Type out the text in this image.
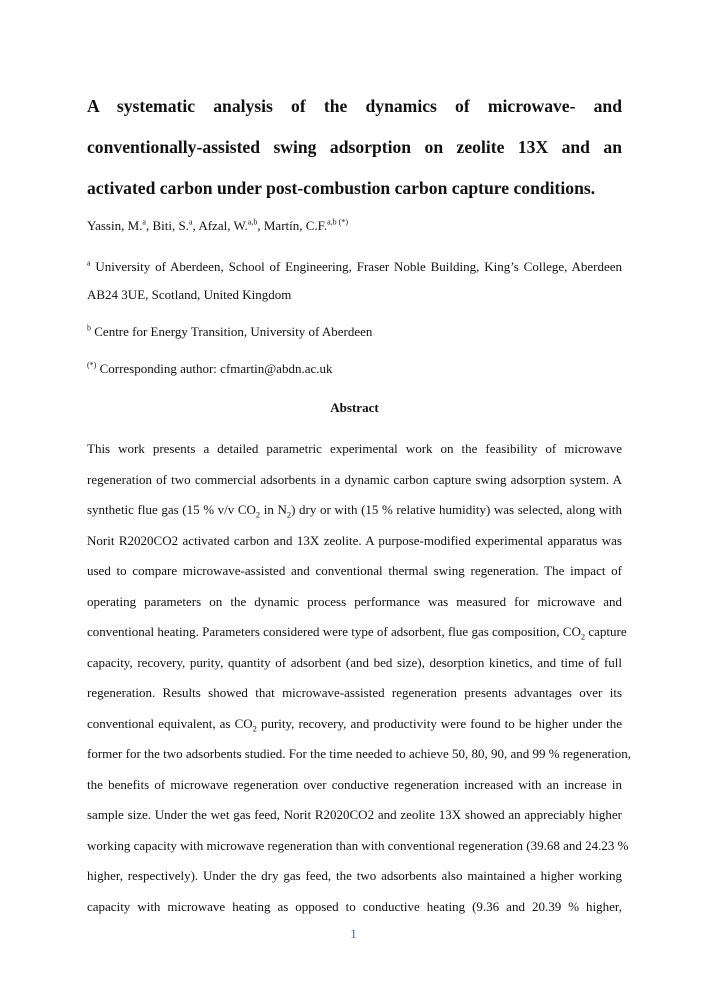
A systematic analysis of the dynamics of microwave- and conventionally-assisted swing adsorption on zeolite 13X and an activated carbon under post-combustion carbon capture conditions.
Yassin, M.$^a$, Biti, S.$^a$, Afzal, W.$^{a,b}$, Martín, C.F.$^{a,b (*)}$

$^a$ University of Aberdeen, School of Engineering, Fraser Noble Building, King’s College, Aberdeen AB24 3UE, Scotland, United Kingdom

$^b$ Centre for Energy Transition, University of Aberdeen
(*) Corresponding author: cfmartin@abdn.ac.uk
Abstract
This work presents a detailed parametric experimental work on the feasibility of microwave
regeneration of two commercial adsorbents in a dynamic carbon capture swing adsorption system. A
synthetic flue gas (15 % v/v $CO_2$ in $N_2$) dry or with (15 % relative humidity) was selected, along with
Norit R2020CO2 activated carbon and 13X zeolite. A purpose-modified experimental apparatus was
used to compare microwave-assisted and conventional thermal swing regeneration. The impact of
operating parameters on the dynamic process performance was measured for microwave and
conventional heating. Parameters considered were type of adsorbent, flue gas composition, $CO_2$ capture
capacity, recovery, purity, quantity of adsorbent (and bed size), desorption kinetics, and time of full
regeneration. Results showed that microwave-assisted regeneration presents advantages over its
conventional equivalent, as $CO_2$ purity, recovery, and productivity were found to be higher under the
former for the two adsorbents studied. For the time needed to achieve 50, 80, 90, and 99 % regeneration,
the benefits of microwave regeneration over conductive regeneration increased with an increase in
sample size. Under the wet gas feed, Norit R2020CO2 and zeolite 13X showed an appreciably higher
working capacity with microwave regeneration than with conventional regeneration (39.68 and 24.23 %
higher, respectively). Under the dry gas feed, the two adsorbents also maintained a higher working
capacity with microwave heating as opposed to conductive heating (9.36 and 20.39 % higher,
1
